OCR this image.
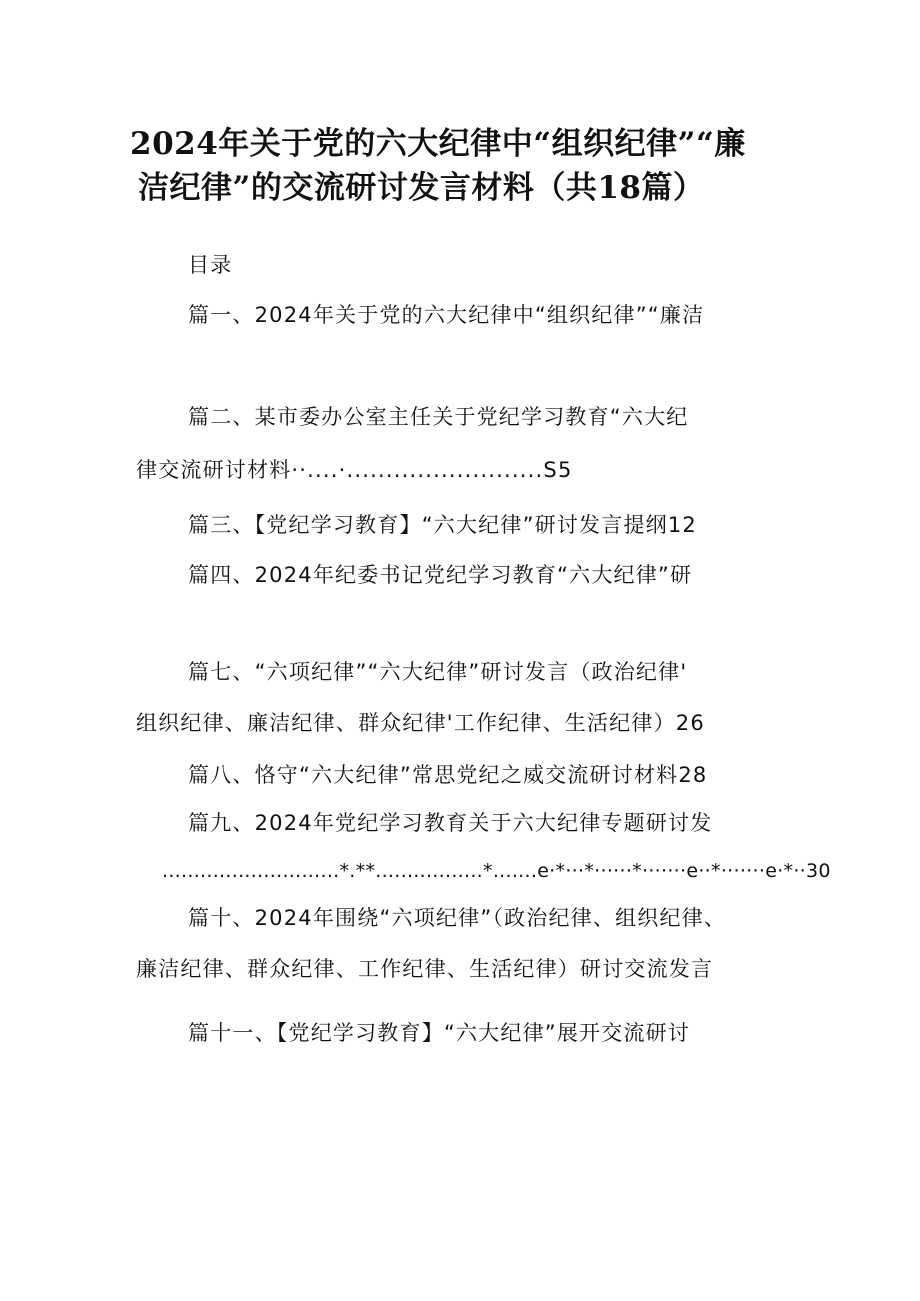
2024年关于党的六大纪律中“组织纪律”“廉
洁纪律”的交流研讨发言材料（共18篇）
目录
篇一、2024年关于党的六大纪律中“组织纪律”“廉洁
篇二、某市委办公室主任关于党纪学习教育“六大纪
律交流研讨材料··....·.........................S5
篇三、【党纪学习教育】“六大纪律”研讨发言提纲12
篇四、2024年纪委书记党纪学习教育“六大纪律”研
篇七、“六项纪律”“六大纪律”研讨发言（政治纪律'
组织纪律、廉洁纪律、群众纪律'工作纪律、生活纪律）26
篇八、恪守“六大纪律”常思党纪之威交流研讨材料28
篇九、2024年党纪学习教育关于六大纪律专题研讨发
............................*.**.................*.......e·*···*······*·······e··*·······e·*··30
篇十、2024年围绕“六项纪律”（政治纪律、组织纪律、
廉洁纪律、群众纪律、工作纪律、生活纪律）研讨交流发言
篇十一、【党纪学习教育】“六大纪律”展开交流研讨
